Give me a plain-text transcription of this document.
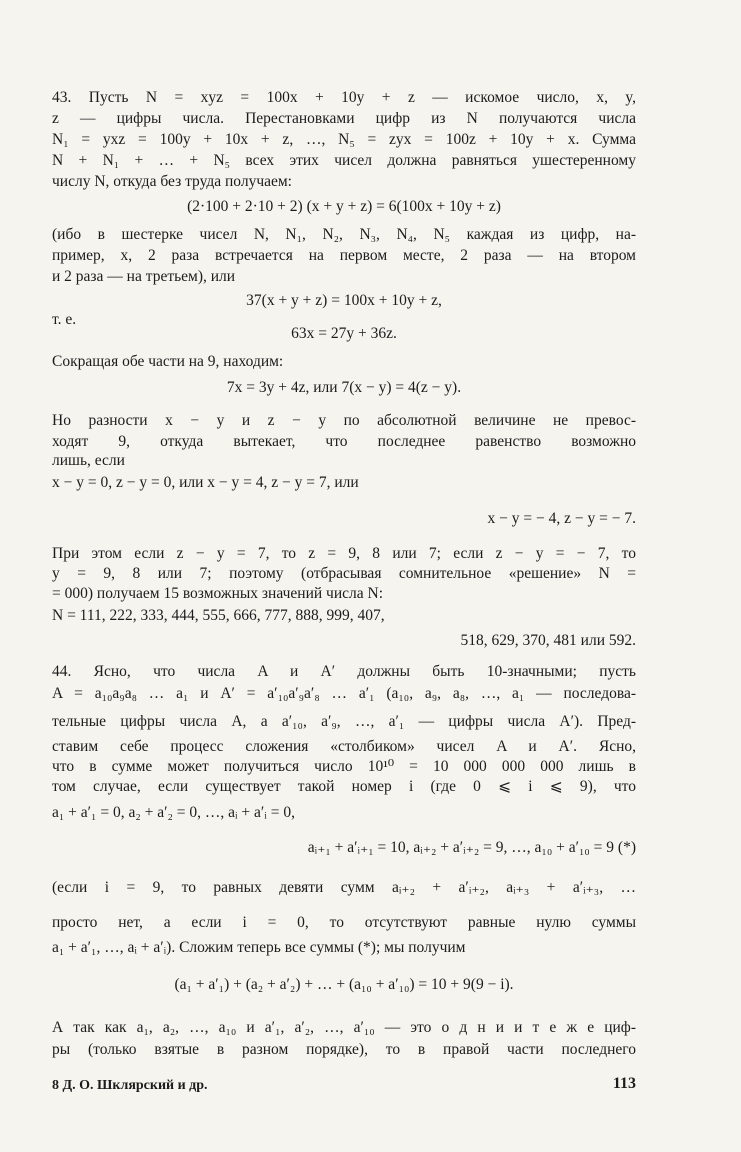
43. Пусть N = xyz = 100x + 10y + z — искомое число, x, y,
z — цифры числа. Перестановками цифр из N получаются числа
N₁ = yxz = 100y + 10x + z, …, N₅ = zyx = 100z + 10y + x. Сумма
N + N₁ + … + N₅ всех этих чисел должна равняться ушестеренному
числу N, откуда без труда получаем:
(2·100 + 2·10 + 2) (x + y + z) = 6(100x + 10y + z)
(ибо в шестерке чисел N, N₁, N₂, N₃, N₄, N₅ каждая из цифр, на-
пример, x, 2 раза встречается на первом месте, 2 раза — на втором
и 2 раза — на третьем), или
37(x + y + z) = 100x + 10y + z,
т. е.
63x = 27y + 36z.
Сокращая обе части на 9, находим:
7x = 3y + 4z, или 7(x − y) = 4(z − y).
Но разности x − y и z − y по абсолютной величине не превос-
ходят 9, откуда вытекает, что последнее равенство возможно
лишь, если
x − y = 0, z − y = 0, или x − y = 4, z − y = 7, или
x − y = − 4, z − y = − 7.
При этом если z − y = 7, то z = 9, 8 или 7; если z − y = − 7, то
y = 9, 8 или 7; поэтому (отбрасывая сомнительное «решение» N =
= 000) получаем 15 возможных значений числа N:
N = 111, 222, 333, 444, 555, 666, 777, 888, 999, 407,
518, 629, 370, 481 или 592.
44. Ясно, что числа A и A′ должны быть 10-значными; пусть
A = a₁₀a₉a₈ … a₁ и A′ = a′₁₀a′₉a′₈ … a′₁ (a₁₀, a₉, a₈, …, a₁ — последова-
тельные цифры числа A, а a′₁₀, a′₉, …, a′₁ — цифры числа A′). Пред-
ставим себе процесс сложения «столбиком» чисел A и A′. Ясно,
что в сумме может получиться число 10¹⁰ = 10 000 000 000 лишь в
том случае, если существует такой номер i (где 0 ⩽ i ⩽ 9), что
a₁ + a′₁ = 0, a₂ + a′₂ = 0, …, aᵢ + a′ᵢ = 0,
aᵢ₊₁ + a′ᵢ₊₁ = 10, aᵢ₊₂ + a′ᵢ₊₂ = 9, …, a₁₀ + a′₁₀ = 9 (*)
(если i = 9, то равных девяти сумм aᵢ₊₂ + a′ᵢ₊₂, aᵢ₊₃ + a′ᵢ₊₃, …
просто нет, а если i = 0, то отсутствуют равные нулю суммы
a₁ + a′₁, …, aᵢ + a′ᵢ). Сложим теперь все суммы (*); мы получим
(a₁ + a′₁) + (a₂ + a′₂) + … + (a₁₀ + a′₁₀) = 10 + 9(9 − i).
А так как a₁, a₂, …, a₁₀ и a′₁, a′₂, …, a′₁₀ — это о д н и и т е ж е циф-
ры (только взятые в разном порядке), то в правой части последнего
8 Д. О. Шклярский и др.	113
